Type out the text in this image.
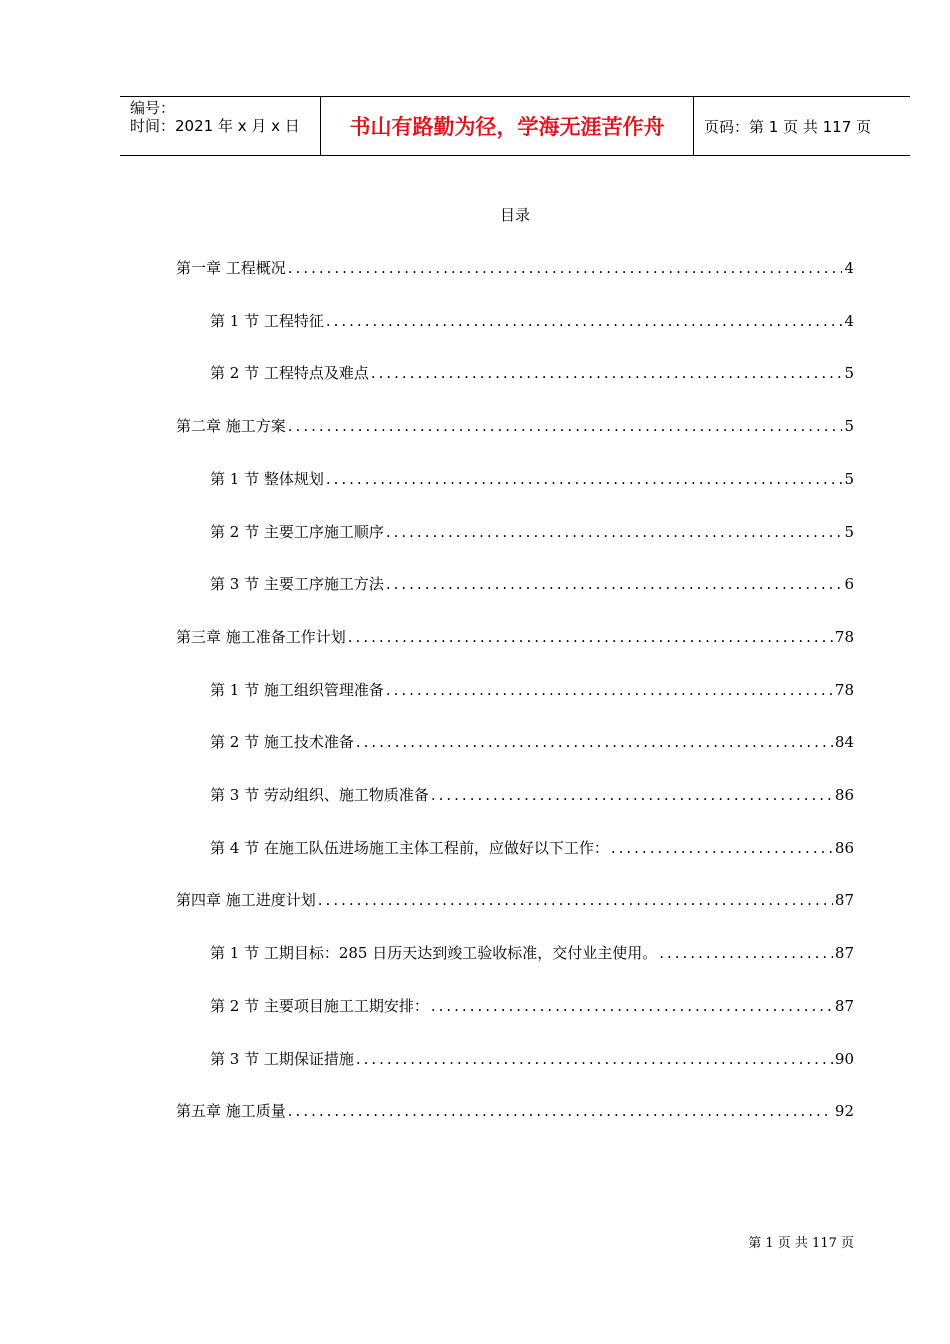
编号：
时间：2021 年 x 月 x 日	书山有路勤为径，学海无涯苦作舟	页码：第 1 页 共 117 页
目录
第一章 工程概况 .....	4
第 1 节 工程特征 .....	4
第 2 节 工程特点及难点 .....	5
第二章 施工方案 .....	5
第 1 节 整体规划 .....	5
第 2 节 主要工序施工顺序 .....	5
第 3 节 主要工序施工方法 .....	6
第三章 施工准备工作计划 .....	78
第 1 节 施工组织管理准备 .....	78
第 2 节 施工技术准备 .....	84
第 3 节 劳动组织、施工物质准备 .....	86
第 4 节 在施工队伍进场施工主体工程前，应做好以下工作： .....	86
第四章 施工进度计划 .....	87
第 1 节 工期目标：285 日历天达到竣工验收标准，交付业主使用。 .....	87
第 2 节 主要项目施工工期安排： .....	87
第 3 节 工期保证措施 .....	90
第五章 施工质量 .....	92
第 1 页 共 117 页
